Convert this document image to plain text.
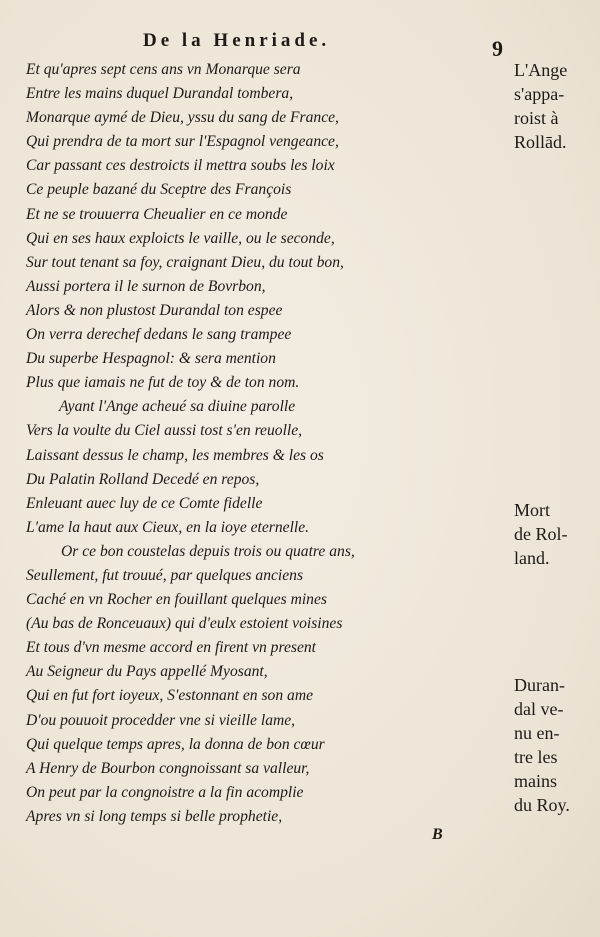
De la Henriade.	9
Et qu'apres sept cens ans vn Monarque sera
Entre les mains duquel Durandal tombera,
Monarque aymé de Dieu, yssu du sang de France,
Qui prendra de ta mort sur l'Espagnol vengeance,
Car passant ces destroicts il mettra soubs les loix
Ce peuple bazané du Sceptre des François
Et ne se trouuerra Cheualier en ce monde
Qui en ses haux exploicts le vaille, ou le seconde,
Sur tout tenant sa foy, craignant Dieu, du tout bon,
Aussi portera il le surnon de Bovrbon,
Alors & non plustost Durandal ton espee
On verra derechef dedans le sang trampee
Du superbe Hespagnol: & sera mention
Plus que iamais ne fut de toy & de ton nom.
Ayant l'Ange acheué sa diuine parolle
Vers la voulte du Ciel aussi tost s'en reuolle,
Laissant dessus le champ, les membres & les os
Du Palatin Rolland Decedé en repos,
Enleuant auec luy de ce Comte fidelle
L'ame la haut aux Cieux, en la ioye eternelle.
Or ce bon coustelas depuis trois ou quatre ans,
Seullement, fut trouué, par quelques anciens
Caché en vn Rocher en fouillant quelques mines
(Au bas de Ronceuaux) qui d'eulx estoient voisines
Et tous d'vn mesme accord en firent vn present
Au Seigneur du Pays appellé Myosant,
Qui en fut fort ioyeux, S'estonnant en son ame
D'ou pouuoit procedder vne si vieille lame,
Qui quelque temps apres, la donna de bon cœur
A Henry de Bourbon congnoissant sa valleur,
On peut par la congnoistre a la fin acomplie
Apres vn si long temps si belle prophetie,
L'Ange
s'appa-
roist à
Rollād.
Mort
de Rol-
land.
Duran-
dal ve-
nu en-
tre les
mains
du Roy.
B
